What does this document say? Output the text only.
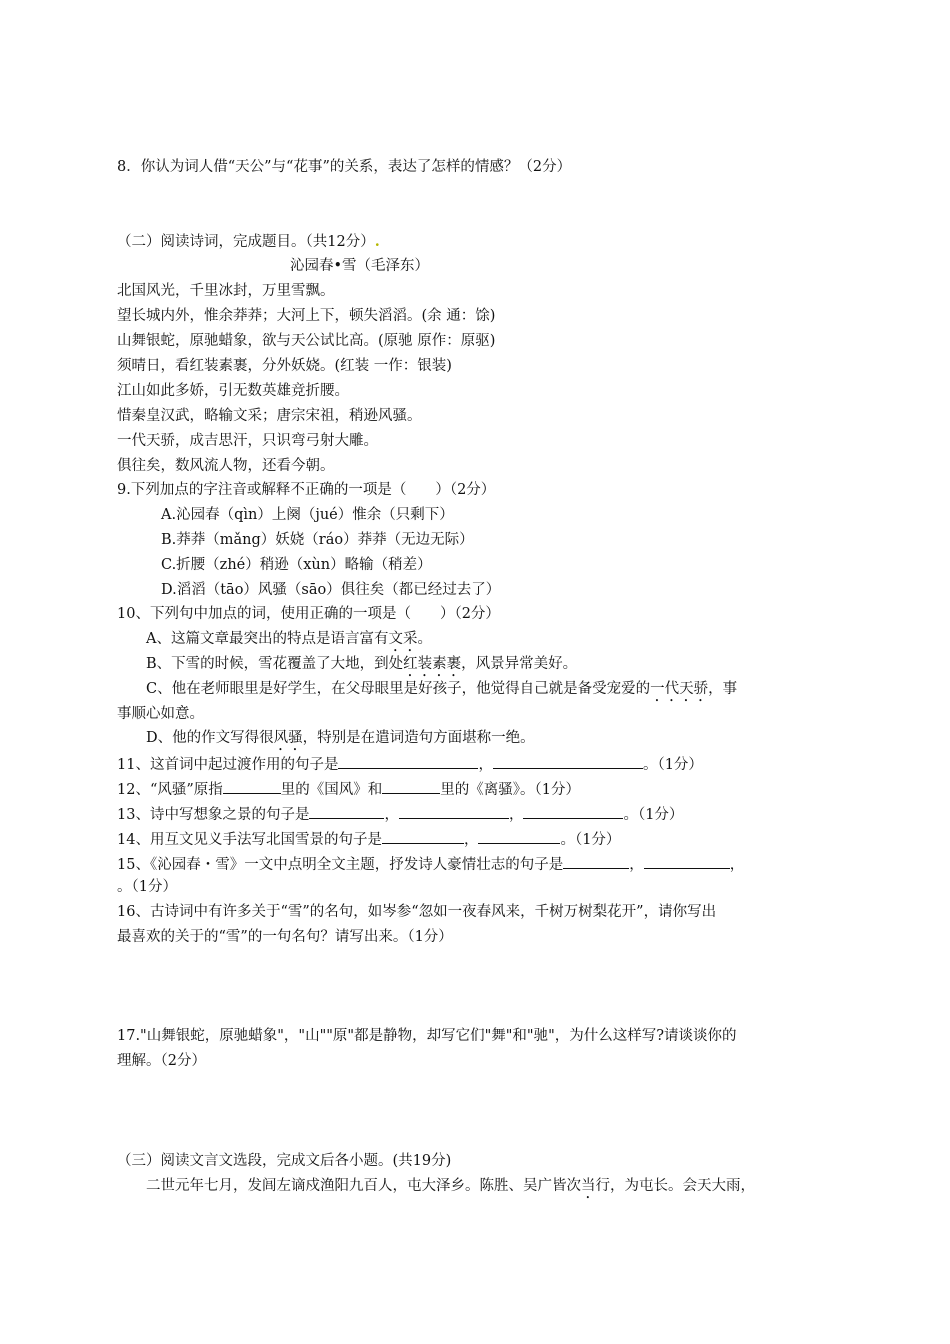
8．你认为词人借“天公”与“花事”的关系，表达了怎样的情感？（2分）
（二）阅读诗词，完成题目。（共12分）.
沁园春•雪（毛泽东）
北国风光，千里冰封，万里雪飘。
望长城内外，惟余莽莽；大河上下，顿失滔滔。(余 通：馀)
山舞银蛇，原驰蜡象，欲与天公试比高。(原驰 原作：原驱)
须晴日，看红装素裹，分外妖娆。(红装 一作：银装)
江山如此多娇，引无数英雄竞折腰。
惜秦皇汉武，略输文采；唐宗宋祖，稍逊风骚。
一代天骄，成吉思汗，只识弯弓射大雕。
俱往矣，数风流人物，还看今朝。
9.下列加点的字注音或解释不正确的一项是（　　）（2分）
A.沁园春（qìn）上阕（jué）惟余（只剩下）
B.莽莽（mǎng）妖娆（ráo）莽莽（无边无际）
C.折腰（zhé）稍逊（xùn）略输（稍差）
D.滔滔（tāo）风骚（sāo）俱往矣（都已经过去了）
10、下列句中加点的词，使用正确的一项是（　　）（2分）
A、这篇文章最突出的特点是语言富有文采。
B、下雪的时候，雪花覆盖了大地，到处红装素裹，风景异常美好。
C、他在老师眼里是好学生，在父母眼里是好孩子，他觉得自己就是备受宠爱的一代天骄，事
事顺心如意。
D、他的作文写得很风骚，特别是在遣词造句方面堪称一绝。
11、这首词中起过渡作用的句子是	，	。（1分）
12、“风骚”原指	里的《国风》和	里的《离骚》。（1分）
13、诗中写想象之景的句子是	，	，	。（1分）
14、用互文见义手法写北国雪景的句子是	，	。（1分）
15、《沁园春・雪》一文中点明全文主题，抒发诗人豪情壮志的句子是	，	，
。（1分）
16、古诗词中有许多关于“雪”的名句，如岑参“忽如一夜春风来，千树万树梨花开”，请你写出
最喜欢的关于的“雪”的一句名句？请写出来。（1分）
17."山舞银蛇，原驰蜡象"，"山""原"都是静物，却写它们"舞"和"驰"，为什么这样写?请谈谈你的
理解。（2分）
（三）阅读文言文选段，完成文后各小题。(共19分)
二世元年七月，发闾左谪戍渔阳九百人，屯大泽乡。陈胜、吴广皆次当行，为屯长。会天大雨，
